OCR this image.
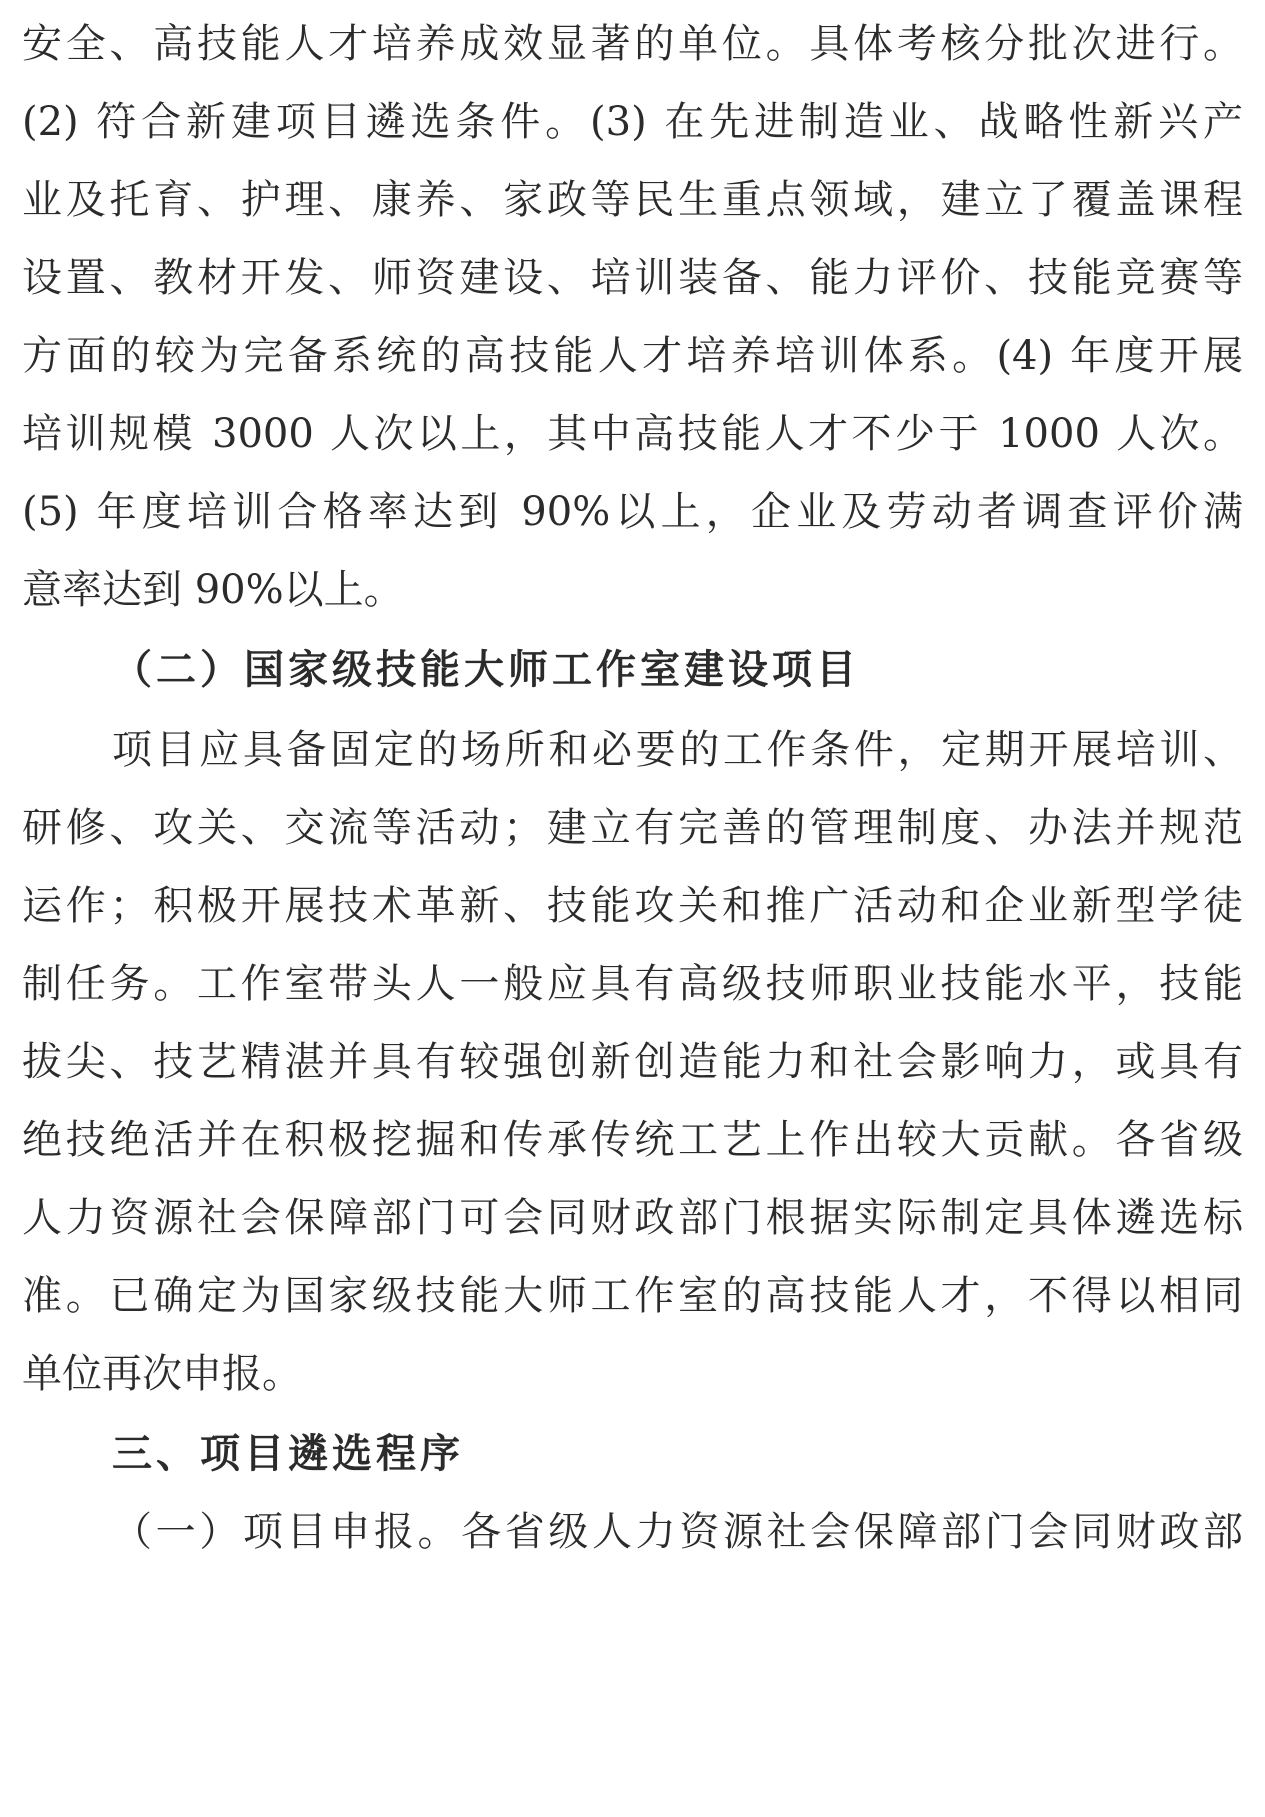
安全、高技能人才培养成效显著的单位。具体考核分批次进行。
(2) 符合新建项目遴选条件。(3) 在先进制造业、战略性新兴产
业及托育、护理、康养、家政等民生重点领域，建立了覆盖课程
设置、教材开发、师资建设、培训装备、能力评价、技能竞赛等
方面的较为完备系统的高技能人才培养培训体系。(4) 年度开展
培训规模 3000 人次以上，其中高技能人才不少于 1000 人次。
(5) 年度培训合格率达到 90%以上，企业及劳动者调查评价满
意率达到 90%以上。
（二）国家级技能大师工作室建设项目
项目应具备固定的场所和必要的工作条件，定期开展培训、
研修、攻关、交流等活动；建立有完善的管理制度、办法并规范
运作；积极开展技术革新、技能攻关和推广活动和企业新型学徒
制任务。工作室带头人一般应具有高级技师职业技能水平，技能
拔尖、技艺精湛并具有较强创新创造能力和社会影响力，或具有
绝技绝活并在积极挖掘和传承传统工艺上作出较大贡献。各省级
人力资源社会保障部门可会同财政部门根据实际制定具体遴选标
准。已确定为国家级技能大师工作室的高技能人才，不得以相同
单位再次申报。
三、项目遴选程序
（一）项目申报。各省级人力资源社会保障部门会同财政部
